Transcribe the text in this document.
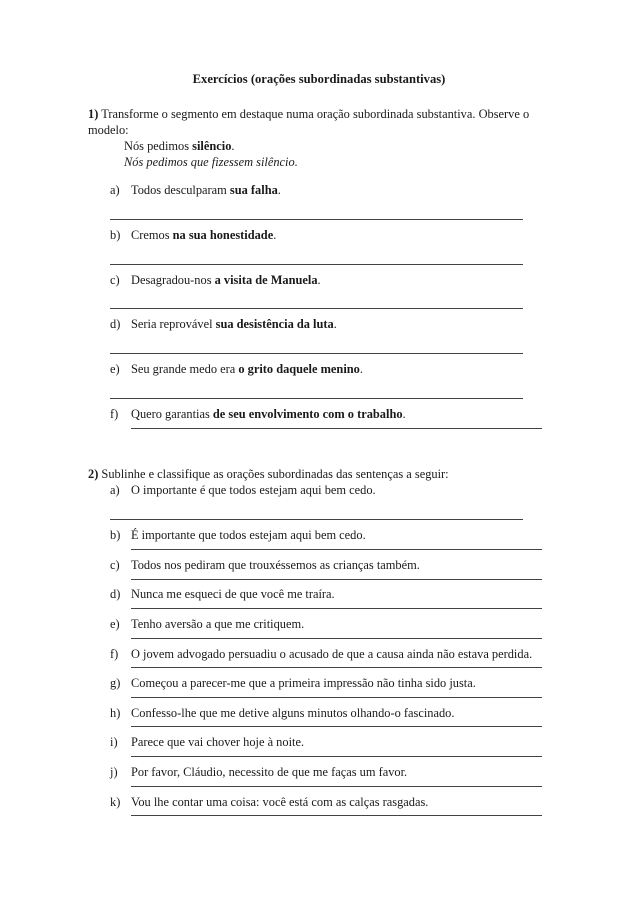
Exercícios (orações subordinadas substantivas)
1) Transforme o segmento em destaque numa oração subordinada substantiva. Observe o modelo:
Nós pedimos silêncio.
Nós pedimos que fizessem silêncio.
a) Todos desculparam sua falha.
b) Cremos na sua honestidade.
c) Desagradou-nos a visita de Manuela.
d) Seria reprovável sua desistência da luta.
e) Seu grande medo era o grito daquele menino.
f) Quero garantias de seu envolvimento com o trabalho.
a) O importante é que todos estejam aqui bem cedo.
b) É importante que todos estejam aqui bem cedo.
c) Todos nos pediram que trouxéssemos as crianças também.
d) Nunca me esqueci de que você me traíra.
e) Tenho aversão a que me critiquem.
f) O jovem advogado persuadiu o acusado de que a causa ainda não estava perdida.
g) Começou a parecer-me que a primeira impressão não tinha sido justa.
h) Confesso-lhe que me detive alguns minutos olhando-o fascinado.
i) Parece que vai chover hoje à noite.
j) Por favor, Cláudio, necessito de que me faças um favor.
k) Vou lhe contar uma coisa: você está com as calças rasgadas.
2) Sublinhe e classifique as orações subordinadas das sentenças a seguir:
